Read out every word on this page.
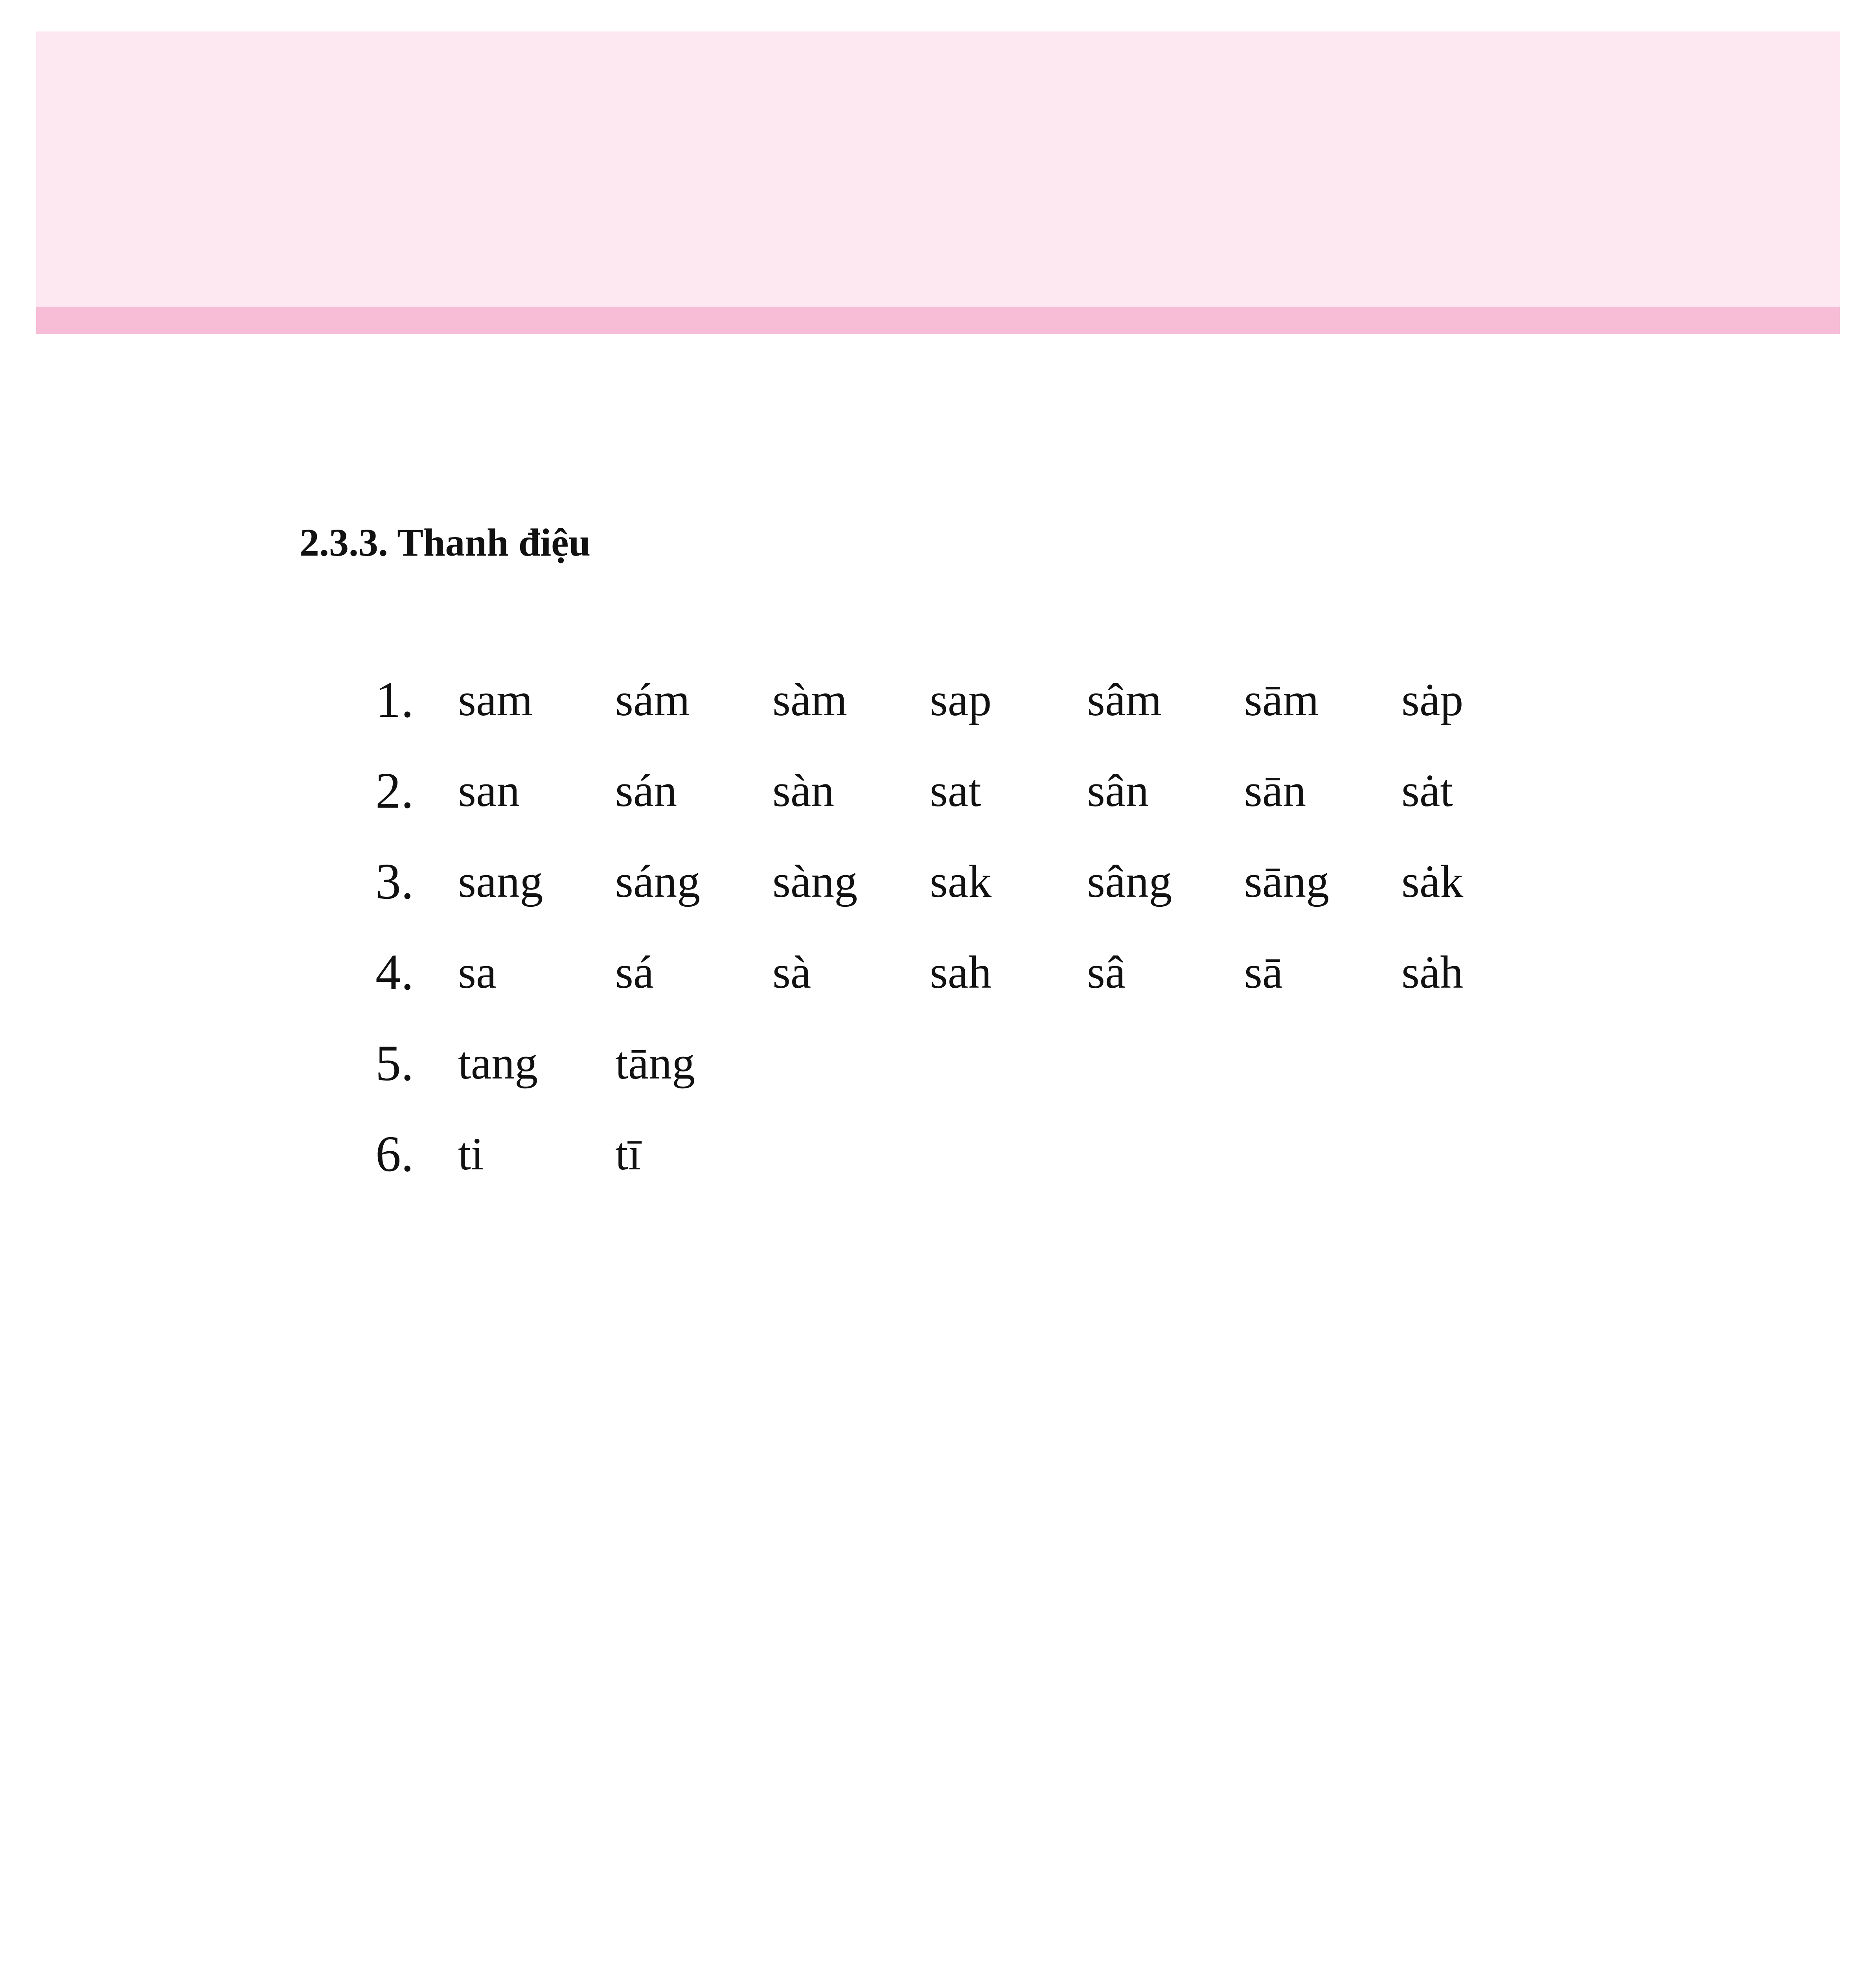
2.3.3. Thanh điệu
1. sam	sám	sàm	sap	sâm	sām	sȧp
2. san	sán	sàn	sat	sân	sān	sȧt
3. sang	sáng	sàng	sak	sâng	sāng	sȧk
4. sa	sá	sà	sah	sâ	sā	sȧh
5. tang	tāng
6. ti	tī
